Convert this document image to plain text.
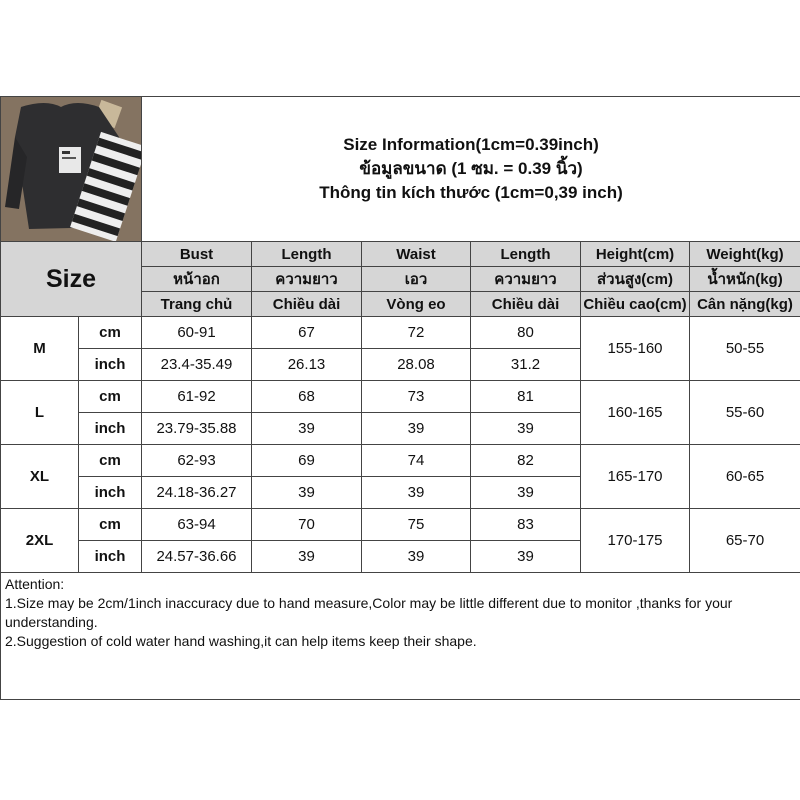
Size Information(1cm=0.39inch)
ข้อมูลขนาด (1 ซม. = 0.39 นิ้ว)
Thông tin kích thước (1cm=0,39 inch)					

Size		Bust	Length	Waist	Length	Height(cm)	Weight(kg)
		หน้าอก	ความยาว	เอว	ความยาว	ส่วนสูง(cm)	น้ำหนัก(kg)
		Trang chủ	Chiều dài	Vòng eo	Chiều dài	Chiều cao(cm)	Cân nặng(kg)
M	cm	60-91	67	72	80	155-160	50-55
	inch	23.4-35.49	26.13	28.08	31.2		
L	cm	61-92	68	73	81	160-165	55-60
	inch	23.79-35.88	39	39	39		
XL	cm	62-93	69	74	82	165-170	60-65
	inch	24.18-36.27	39	39	39		
2XL	cm	63-94	70	75	83	170-175	65-70
	inch	24.57-36.66	39	39	39		

Attention:
1.Size may be 2cm/1inch inaccuracy due to hand measure,Color may be little different due to monitor ,thanks for your understanding.
2.Suggestion of cold water hand washing,it can help items keep their shape.							
